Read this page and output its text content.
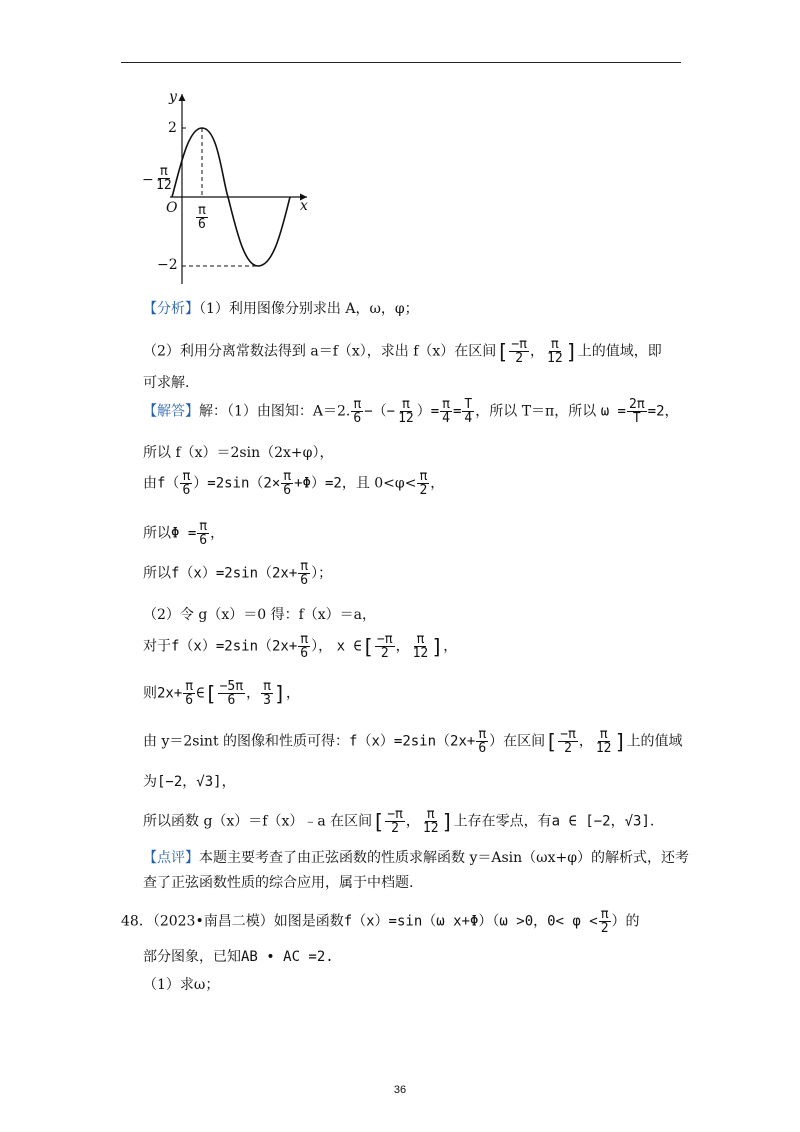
y
x
O
2
−2
− $\frac{\pi}{12}$
$\frac{\pi}{6}$
【分析】（1）利用图像分别求出 A，ω，φ；
（2）利用分离常数法得到 a＝f（x），求出 f（x）在区间[ $\frac{-\pi}{2}$ ， $\frac{\pi}{12}$ ]上的值域，即
可求解.
【解答】解：（1）由图知：A＝2. $\frac{\pi}{6}$ −（− $\frac{\pi}{12}$ ）= $\frac{\pi}{4} = \frac{T}{4}$ ，所以 T＝π，所以 $\omega = \frac{2\pi}{T} =2$，
所以 f（x）＝2sin（2x+φ），
由$f( \frac{\pi}{6} )=2\sin(2\times \frac{\pi}{6} +\Phi)=2$，且 $0<\varphi< \frac{\pi}{2}$ ，
所以$\Phi = \frac{\pi}{6}$ ，
所以$f(x)=2\sin(2x+ \frac{\pi}{6}$ ）；
（2）令 g（x）＝0 得：f（x）＝a，
对于$f(x)=2\sin(2x+ \frac{\pi}{6}$ ）， x ∈[ $\frac{-\pi}{2}$ ， $\frac{\pi}{12}$ ]，
则$2x+ \frac{\pi}{6}$ ∈[ $\frac{-5\pi}{6}$ ， $\frac{\pi}{3}$ ]，
由 y＝2sint 的图像和性质可得：$f(x)=2\sin(2x+ \frac{\pi}{6}$ ）在区间[ $\frac{-\pi}{2}$ ， $\frac{\pi}{12}$ ]上的值域
为[−2，√3]，
所以函数 g（x）＝f（x）﹣a 在区间[ $\frac{-\pi}{2}$ ， $\frac{\pi}{12}$ ]上存在零点，有a ∈ [−2，√3].
【点评】本题主要考查了由正弦函数的性质求解函数 y＝Asin（ωx+φ）的解析式，还考
查了正弦函数性质的综合应用，属于中档题.
48．（2023•南昌二模）如图是函数f（x）=sin（ω x+Φ）（ω >0，$0< \varphi < \frac{\pi}{2}$ ）的
部分图象，已知AB • AC =2.
（1）求ω；
36
